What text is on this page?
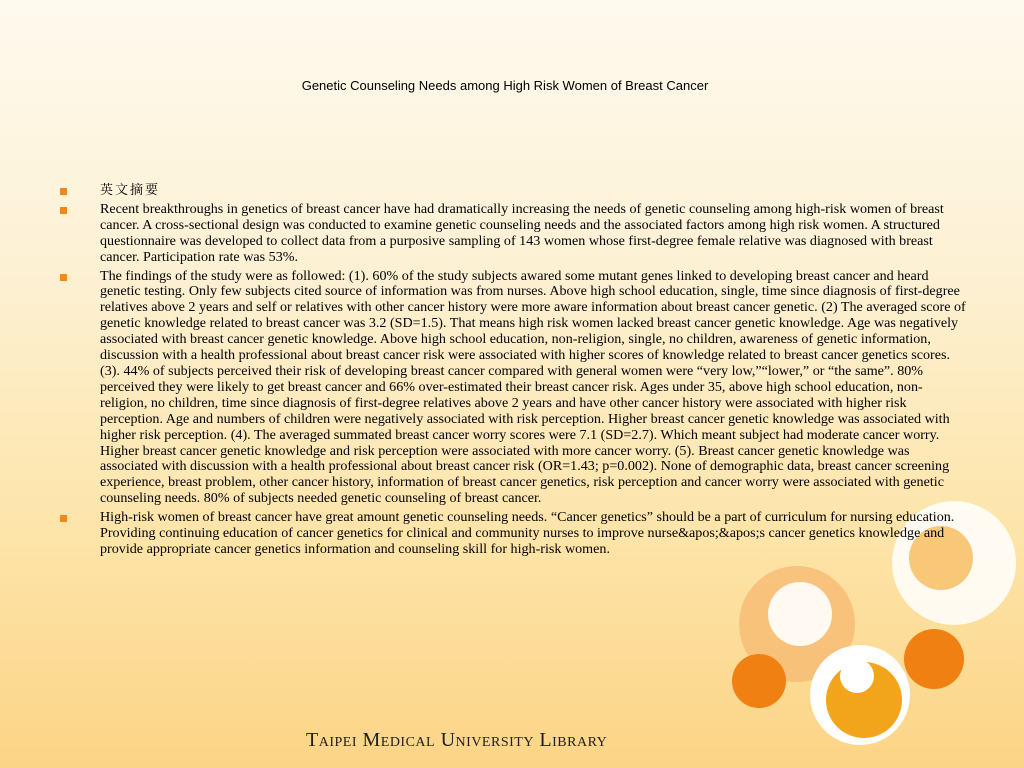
Genetic Counseling Needs among High Risk Women of Breast Cancer
英文摘要
Recent breakthroughs in genetics of breast cancer have had dramatically increasing the needs of genetic counseling among high-risk women of breast cancer. A cross-sectional design was conducted to examine genetic counseling needs and the associated factors among high risk women. A structured questionnaire was developed to collect data from a purposive sampling of 143 women whose first-degree female relative was diagnosed with breast cancer. Participation rate was 53%.
The findings of the study were as followed: (1). 60% of the study subjects awared some mutant genes linked to developing breast cancer and heard genetic testing. Only few subjects cited source of information was from nurses. Above high school education, single, time since diagnosis of first-degree relatives above 2 years and self or relatives with other cancer history were more aware information about breast cancer genetic. (2) The averaged score of genetic knowledge related to breast cancer was 3.2 (SD=1.5). That means high risk women lacked breast cancer genetic knowledge. Age was negatively associated with breast cancer genetic knowledge. Above high school education, non-religion, single, no children, awareness of genetic information, discussion with a health professional about breast cancer risk were associated with higher scores of knowledge related to breast cancer genetics scores. (3). 44% of subjects perceived their risk of developing breast cancer compared with general women were “very low,”“lower,” or “the same”. 80% perceived they were likely to get breast cancer and 66% over-estimated their breast cancer risk. Ages under 35, above high school education, non-religion, no children, time since diagnosis of first-degree relatives above 2 years and have other cancer history were associated with higher risk perception. Age and numbers of children were negatively associated with risk perception. Higher breast cancer genetic knowledge was associated with higher risk perception. (4). The averaged summated breast cancer worry scores were 7.1 (SD=2.7). Which meant subject had moderate cancer worry. Higher breast cancer genetic knowledge and risk perception were associated with more cancer worry. (5). Breast cancer genetic knowledge was associated with discussion with a health professional about breast cancer risk (OR=1.43; p=0.002). None of demographic data, breast cancer screening experience, breast problem, other cancer history, information of breast cancer genetics, risk perception and cancer worry were associated with genetic counseling needs. 80% of subjects needed genetic counseling of breast cancer.
High-risk women of breast cancer have great amount genetic counseling needs. “Cancer genetics” should be a part of curriculum for nursing education. Providing continuing education of cancer genetics for clinical and community nurses to improve nurse&apos;&apos;s cancer genetics knowledge and provide appropriate cancer genetics information and counseling skill for high-risk women.
Taipei Medical University Library
